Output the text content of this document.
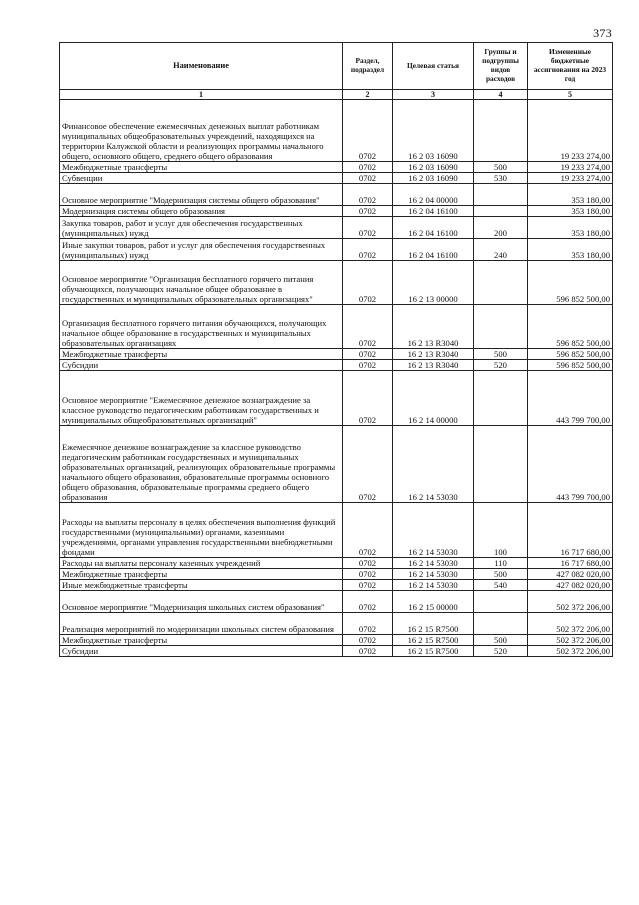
373
Наименование	Раздел, подраздел	Целевая статья	Группы и подгруппы видов расходов	Измененные бюджетные ассигнования на 2023 год
1	2	3	4	5
Финансовое обеспечение ежемесячных денежных выплат работникам муниципальных общеобразовательных учреждений, находящихся на территории Калужской области и реализующих программы начального общего, основного общего, среднего общего образования	0702	16 2 03 16090		19 233 274,00
Межбюджетные трансферты	0702	16 2 03 16090	500	19 233 274,00
Субвенции	0702	16 2 03 16090	530	19 233 274,00
Основное мероприятие "Модернизация системы общего образования"	0702	16 2 04 00000		353 180,00
Модернизация системы общего образования	0702	16 2 04 16100		353 180,00
Закупка товаров, работ и услуг для обеспечения государственных (муниципальных) нужд	0702	16 2 04 16100	200	353 180,00
Иные закупки товаров, работ и услуг для обеспечения государственных (муниципальных) нужд	0702	16 2 04 16100	240	353 180,00
Основное мероприятие "Организация бесплатного горячего питания обучающихся, получающих начальное общее образование в государственных и муниципальных образовательных организациях"	0702	16 2 13 00000		596 852 500,00
Организация бесплатного горячего питания обучающихся, получающих начальное общее образование в государственных и муниципальных образовательных организациях	0702	16 2 13 R3040		596 852 500,00
Межбюджетные трансферты	0702	16 2 13 R3040	500	596 852 500,00
Субсидии	0702	16 2 13 R3040	520	596 852 500,00
Основное мероприятие "Ежемесячное денежное вознаграждение за классное руководство педагогическим работникам государственных и муниципальных общеобразовательных организаций"	0702	16 2 14 00000		443 799 700,00
Ежемесячное денежное вознаграждение за классное руководство педагогическим работникам государственных и муниципальных образовательных организаций, реализующих образовательные программы начального общего образования, образовательные программы основного общего образования, образовательные программы среднего общего образования	0702	16 2 14 53030		443 799 700,00
Расходы на выплаты персоналу в целях обеспечения выполнения функций государственными (муниципальными) органами, казенными учреждениями, органами управления государственными внебюджетными фондами	0702	16 2 14 53030	100	16 717 680,00
Расходы на выплаты персоналу казенных учреждений	0702	16 2 14 53030	110	16 717 680,00
Межбюджетные трансферты	0702	16 2 14 53030	500	427 082 020,00
Иные межбюджетные трансферты	0702	16 2 14 53030	540	427 082 020,00
Основное мероприятие "Модернизация школьных систем образования"	0702	16 2 15 00000		502 372 206,00
Реализация мероприятий по модернизации школьных систем образования	0702	16 2 15 R7500		502 372 206,00
Межбюджетные трансферты	0702	16 2 15 R7500	500	502 372 206,00
Субсидии	0702	16 2 15 R7500	520	502 372 206,00
